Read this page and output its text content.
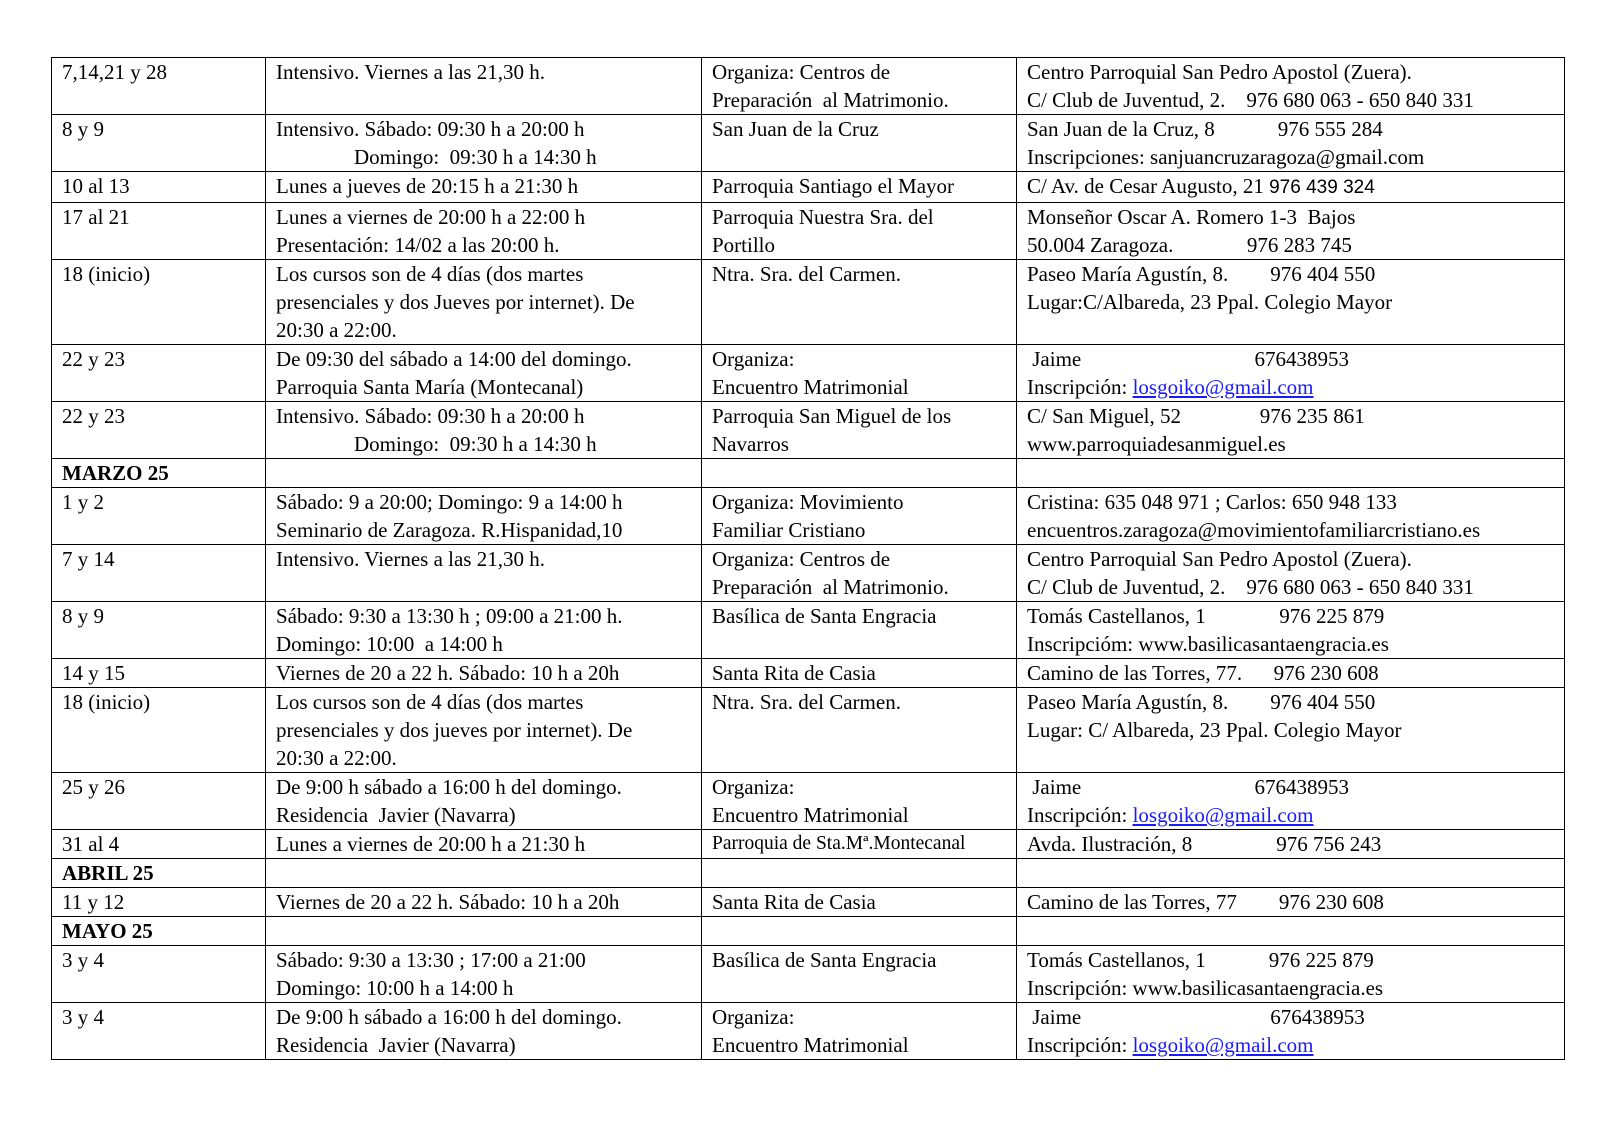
7,14,21 y 28	Intensivo. Viernes a las 21,30 h.	Organiza: Centros de
Preparación  al Matrimonio.	Centro Parroquial San Pedro Apostol (Zuera).
C/ Club de Juventud, 2.    976 680 063 - 650 840 331

8 y 9	Intensivo. Sábado: 09:30 h a 20:00 h
Domingo:  09:30 h a 14:30 h	San Juan de la Cruz	San Juan de la Cruz, 8            976 555 284
Inscripciones: sanjuancruzaragoza@gmail.com

10 al 13	Lunes a jueves de 20:15 h a 21:30 h	Parroquia Santiago el Mayor	C/ Av. de Cesar Augusto, 21 976 439 324

17 al 21	Lunes a viernes de 20:00 h a 22:00 h
Presentación: 14/02 a las 20:00 h.	Parroquia Nuestra Sra. del
Portillo	Monseñor Oscar A. Romero 1-3  Bajos
50.004 Zaragoza.              976 283 745

18 (inicio)	Los cursos son de 4 días (dos martes
presenciales y dos Jueves por internet). De
20:30 a 22:00.	Ntra. Sra. del Carmen.	Paseo María Agustín, 8.        976 404 550
Lugar:C/Albareda, 23 Ppal. Colegio Mayor

22 y 23	De 09:30 del sábado a 14:00 del domingo.
Parroquia Santa María (Montecanal)	Organiza:
Encuentro Matrimonial	Jaime                                 676438953
Inscripción: losgoiko@gmail.com

22 y 23	Intensivo. Sábado: 09:30 h a 20:00 h
Domingo:  09:30 h a 14:30 h	Parroquia San Miguel de los
Navarros	C/ San Miguel, 52               976 235 861
www.parroquiadesanmiguel.es

MARZO 25			
1 y 2	Sábado: 9 a 20:00; Domingo: 9 a 14:00 h
Seminario de Zaragoza. R.Hispanidad,10	Organiza: Movimiento
Familiar Cristiano	Cristina: 635 048 971 ; Carlos: 650 948 133
encuentros.zaragoza@movimientofamiliarcristiano.es

7 y 14	Intensivo. Viernes a las 21,30 h.	Organiza: Centros de
Preparación  al Matrimonio.	Centro Parroquial San Pedro Apostol (Zuera).
C/ Club de Juventud, 2.    976 680 063 - 650 840 331

8 y 9	Sábado: 9:30 a 13:30 h ; 09:00 a 21:00 h.
Domingo: 10:00  a 14:00 h	Basílica de Santa Engracia	Tomás Castellanos, 1              976 225 879
Inscripcióm: www.basilicasantaengracia.es

14 y 15	Viernes de 20 a 22 h. Sábado: 10 h a 20h	Santa Rita de Casia	Camino de las Torres, 77.      976 230 608

18 (inicio)	Los cursos son de 4 días (dos martes
presenciales y dos jueves por internet). De
20:30 a 22:00.	Ntra. Sra. del Carmen.	Paseo María Agustín, 8.        976 404 550
Lugar: C/ Albareda, 23 Ppal. Colegio Mayor

25 y 26	De 9:00 h sábado a 16:00 h del domingo.
Residencia  Javier (Navarra)	Organiza:
Encuentro Matrimonial	Jaime                                 676438953
Inscripción: losgoiko@gmail.com

31 al 4	Lunes a viernes de 20:00 h a 21:30 h	Parroquia de Sta.Mª.Montecanal	Avda. Ilustración, 8                976 756 243

ABRIL 25			
11 y 12	Viernes de 20 a 22 h. Sábado: 10 h a 20h	Santa Rita de Casia	Camino de las Torres, 77        976 230 608

MAYO 25			
3 y 4	Sábado: 9:30 a 13:30 ; 17:00 a 21:00
Domingo: 10:00 h a 14:00 h	Basílica de Santa Engracia	Tomás Castellanos, 1            976 225 879
Inscripción: www.basilicasantaengracia.es

3 y 4	De 9:00 h sábado a 16:00 h del domingo.
Residencia  Javier (Navarra)	Organiza:
Encuentro Matrimonial	Jaime                                    676438953
Inscripción: losgoiko@gmail.com
